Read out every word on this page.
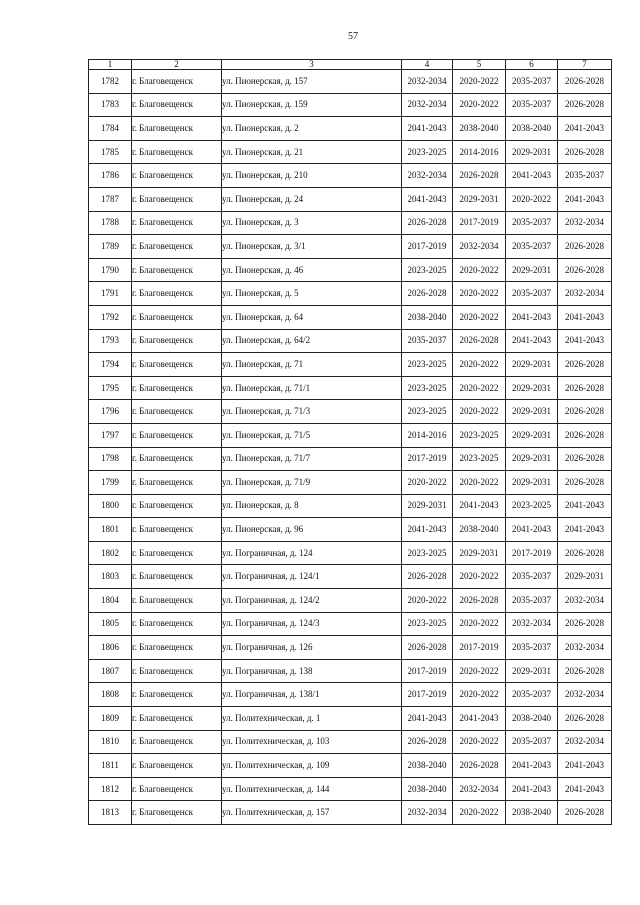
57
1	2	3	4	5	6	7
1782	г. Благовещенск	ул. Пионерская, д. 157	2032-2034	2020-2022	2035-2037	2026-2028
1783	г. Благовещенск	ул. Пионерская, д. 159	2032-2034	2020-2022	2035-2037	2026-2028
1784	г. Благовещенск	ул. Пионерская, д. 2	2041-2043	2038-2040	2038-2040	2041-2043
1785	г. Благовещенск	ул. Пионерская, д. 21	2023-2025	2014-2016	2029-2031	2026-2028
1786	г. Благовещенск	ул. Пионерская, д. 210	2032-2034	2026-2028	2041-2043	2035-2037
1787	г. Благовещенск	ул. Пионерская, д. 24	2041-2043	2029-2031	2020-2022	2041-2043
1788	г. Благовещенск	ул. Пионерская, д. 3	2026-2028	2017-2019	2035-2037	2032-2034
1789	г. Благовещенск	ул. Пионерская, д. 3/1	2017-2019	2032-2034	2035-2037	2026-2028
1790	г. Благовещенск	ул. Пионерская, д. 46	2023-2025	2020-2022	2029-2031	2026-2028
1791	г. Благовещенск	ул. Пионерская, д. 5	2026-2028	2020-2022	2035-2037	2032-2034
1792	г. Благовещенск	ул. Пионерская, д. 64	2038-2040	2020-2022	2041-2043	2041-2043
1793	г. Благовещенск	ул. Пионерская, д. 64/2	2035-2037	2026-2028	2041-2043	2041-2043
1794	г. Благовещенск	ул. Пионерская, д. 71	2023-2025	2020-2022	2029-2031	2026-2028
1795	г. Благовещенск	ул. Пионерская, д. 71/1	2023-2025	2020-2022	2029-2031	2026-2028
1796	г. Благовещенск	ул. Пионерская, д. 71/3	2023-2025	2020-2022	2029-2031	2026-2028
1797	г. Благовещенск	ул. Пионерская, д. 71/5	2014-2016	2023-2025	2029-2031	2026-2028
1798	г. Благовещенск	ул. Пионерская, д. 71/7	2017-2019	2023-2025	2029-2031	2026-2028
1799	г. Благовещенск	ул. Пионерская, д. 71/9	2020-2022	2020-2022	2029-2031	2026-2028
1800	г. Благовещенск	ул. Пионерская, д. 8	2029-2031	2041-2043	2023-2025	2041-2043
1801	г. Благовещенск	ул. Пионерская, д. 96	2041-2043	2038-2040	2041-2043	2041-2043
1802	г. Благовещенск	ул. Пограничная, д. 124	2023-2025	2029-2031	2017-2019	2026-2028
1803	г. Благовещенск	ул. Пограничная, д. 124/1	2026-2028	2020-2022	2035-2037	2029-2031
1804	г. Благовещенск	ул. Пограничная, д. 124/2	2020-2022	2026-2028	2035-2037	2032-2034
1805	г. Благовещенск	ул. Пограничная, д. 124/3	2023-2025	2020-2022	2032-2034	2026-2028
1806	г. Благовещенск	ул. Пограничная, д. 126	2026-2028	2017-2019	2035-2037	2032-2034
1807	г. Благовещенск	ул. Пограничная, д. 138	2017-2019	2020-2022	2029-2031	2026-2028
1808	г. Благовещенск	ул. Пограничная, д. 138/1	2017-2019	2020-2022	2035-2037	2032-2034
1809	г. Благовещенск	ул. Политехническая, д. 1	2041-2043	2041-2043	2038-2040	2026-2028
1810	г. Благовещенск	ул. Политехническая, д. 103	2026-2028	2020-2022	2035-2037	2032-2034
1811	г. Благовещенск	ул. Политехническая, д. 109	2038-2040	2026-2028	2041-2043	2041-2043
1812	г. Благовещенск	ул. Политехническая, д. 144	2038-2040	2032-2034	2041-2043	2041-2043
1813	г. Благовещенск	ул. Политехническая, д. 157	2032-2034	2020-2022	2038-2040	2026-2028
